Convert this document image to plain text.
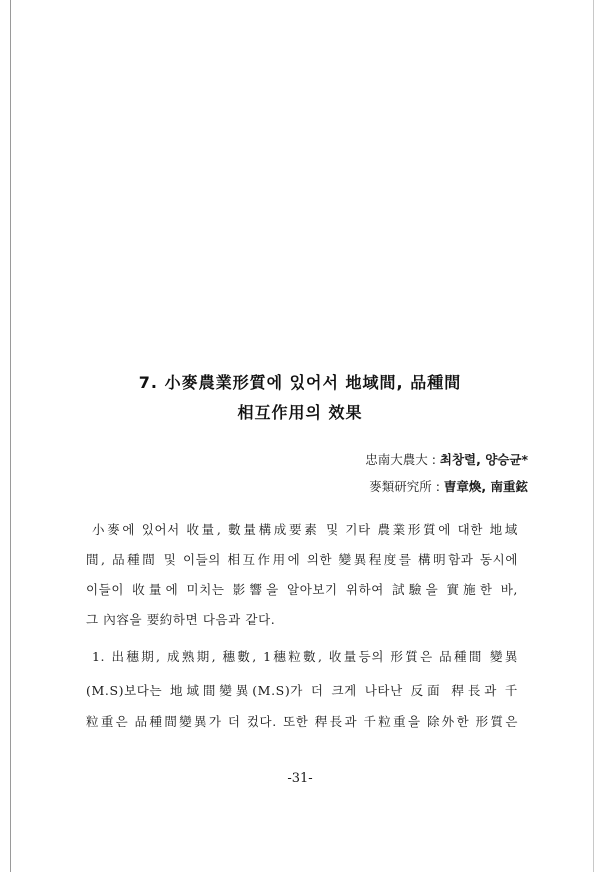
7. 小麥農業形質에 있어서 地域間, 品種間
相互作用의 效果
忠南大農大 : 최창렬, 양승균*
麥類研究所 : 曺章煥, 南重鉉
小麥에 있어서 收量, 數量構成要素 및 기타 農業形質에 대한 地域
間, 品種間 및 이들의 相互作用에 의한 變異程度를 構明함과 동시에
이들이 收量에 미치는 影響을 알아보기 위하여 試驗을 實施한 바,
그 內容을 要約하면 다음과 같다.
1. 出穗期, 成熟期, 穗數, 1穗粒數, 收量등의 形質은 品種間 變異
(M.S)보다는 地域間變異(M.S)가 더 크게 나타난 反面 稈長과 千
粒重은 品種間變異가 더 컸다. 또한 稈長과 千粒重을 除外한 形質은
-31-
